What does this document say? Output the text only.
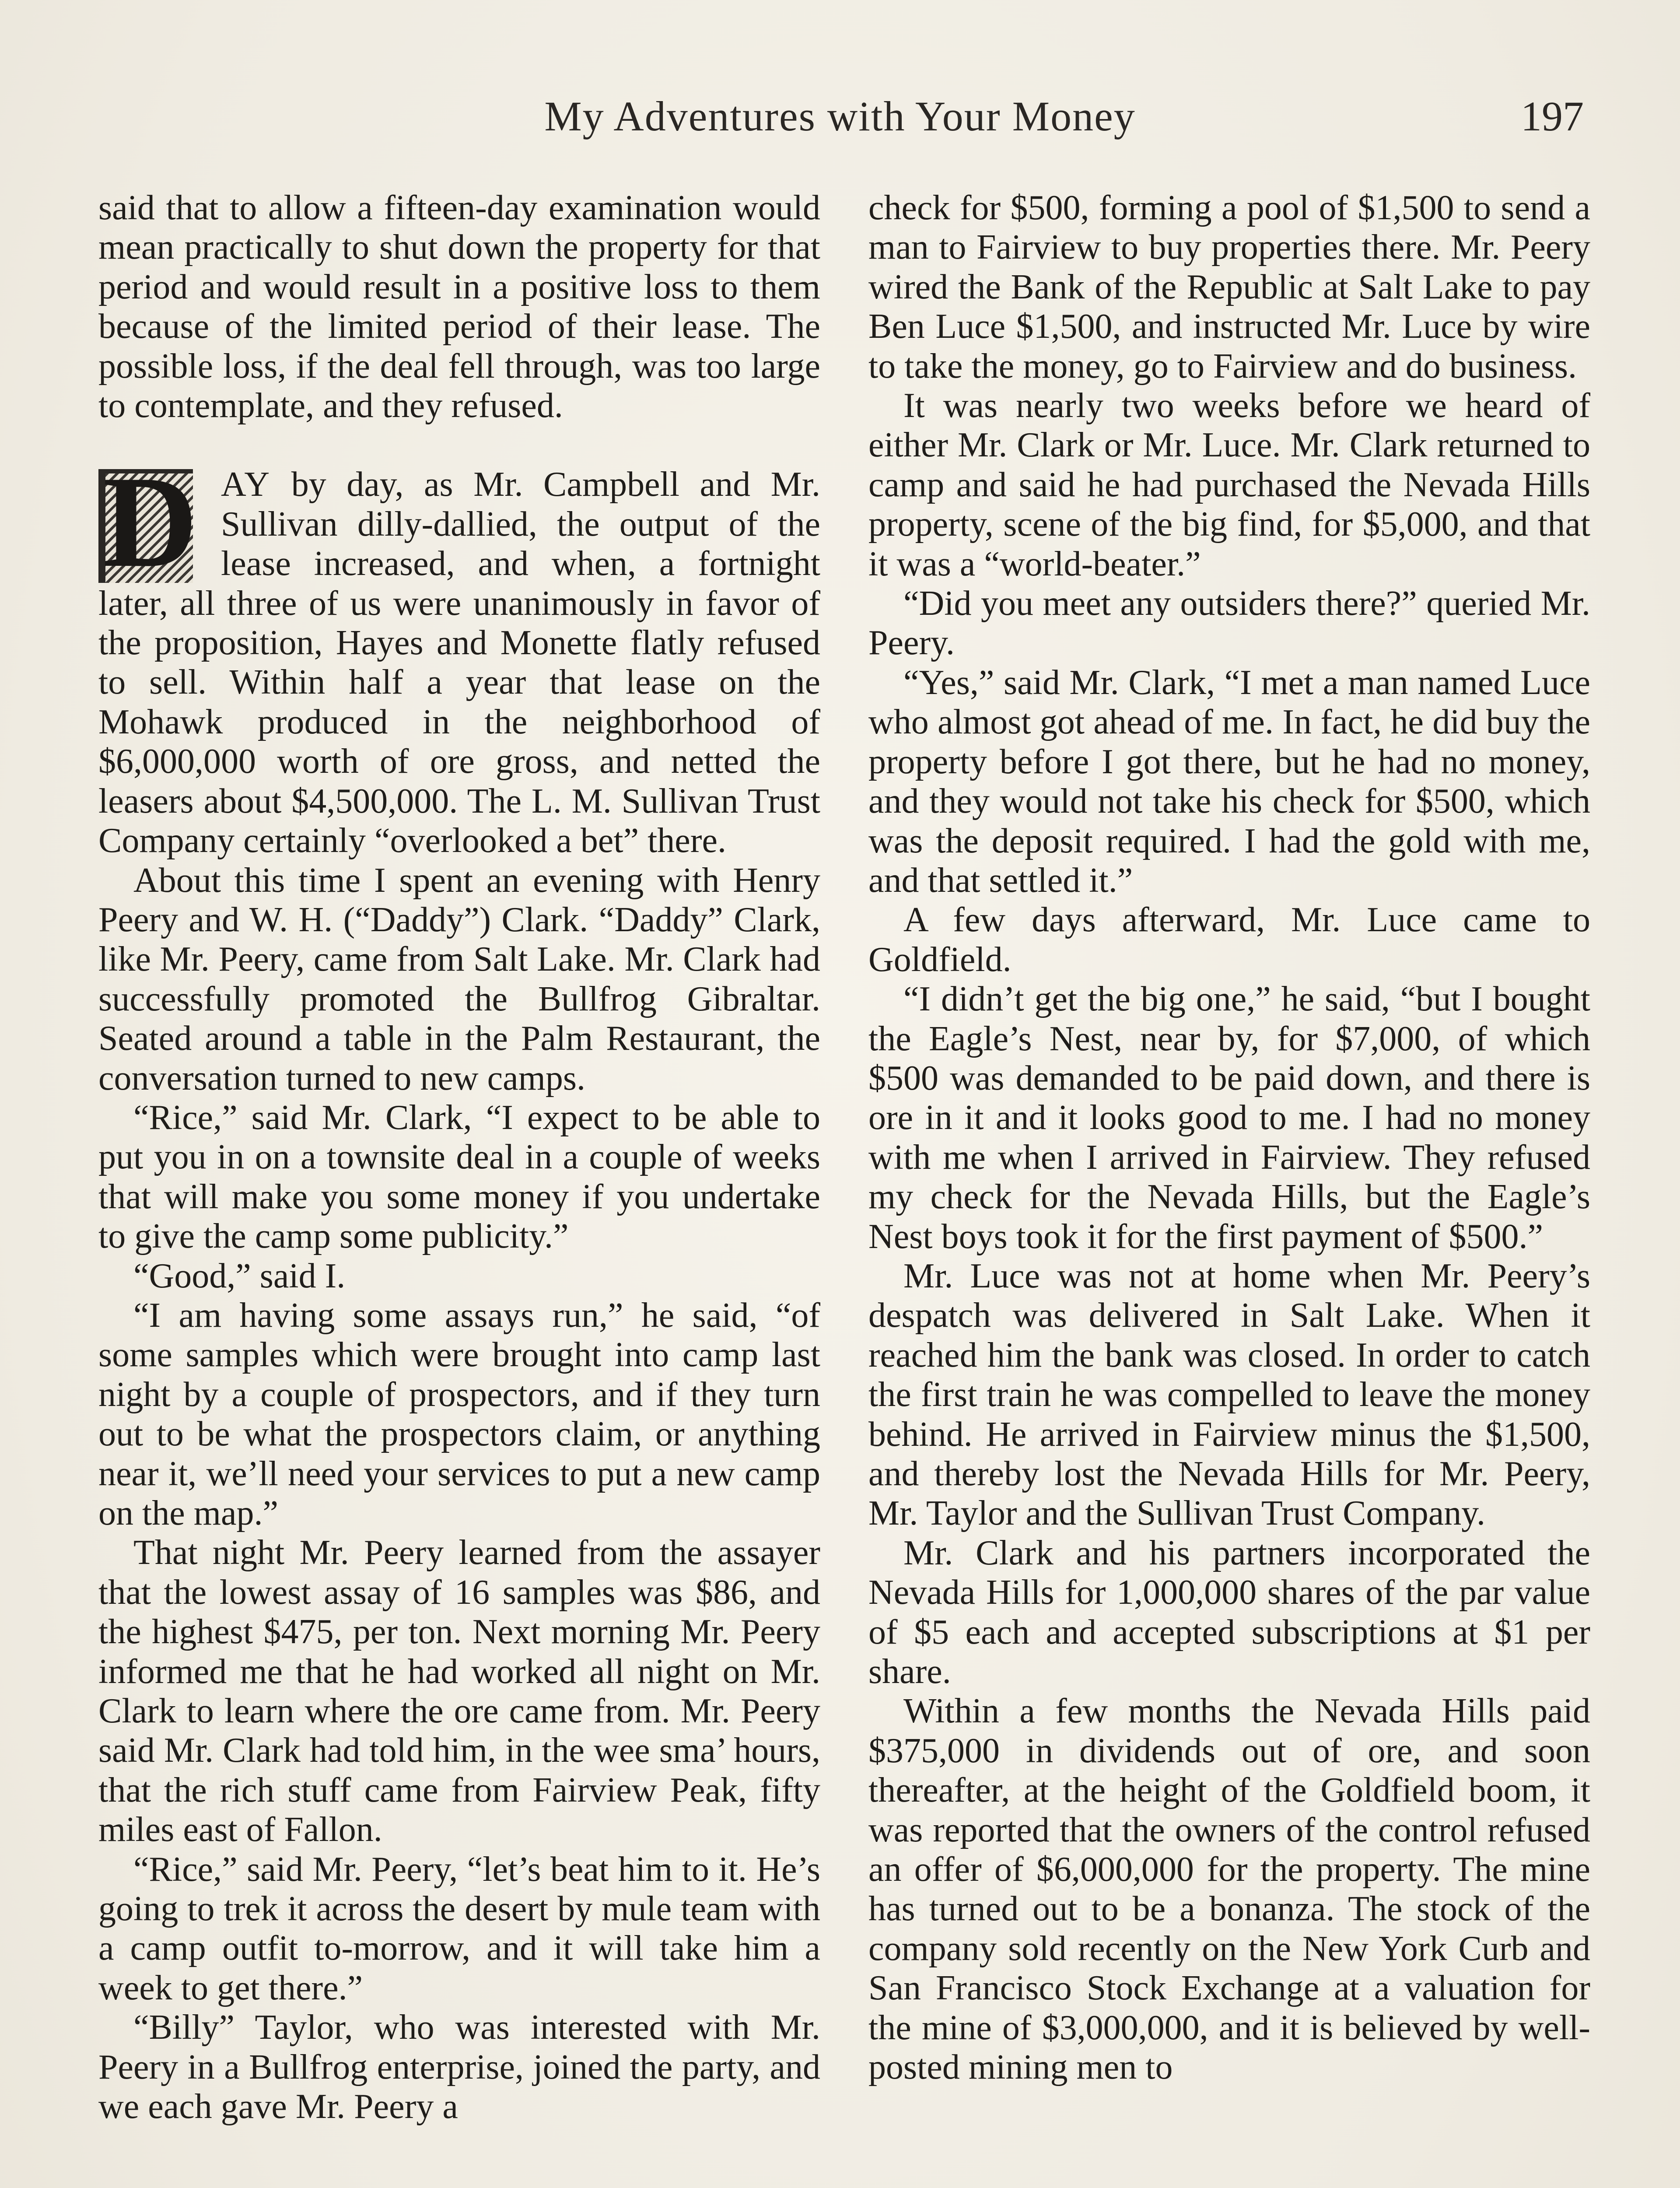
My Adventures with Your Money	197

said that to allow a fifteen-day examination would mean practically to shut down the property for that period and would result in a positive loss to them because of the limited period of their lease. The possible loss, if the deal fell through, was too large to contemplate, and they refused.

D AY by day, as Mr. Campbell and Mr. Sullivan dilly-dallied, the output of the lease increased, and when, a fortnight later, all three of us were unanimously in favor of the proposition, Hayes and Monette flatly refused to sell. Within half a year that lease on the Mohawk produced in the neighborhood of $6,000,000 worth of ore gross, and netted the leasers about $4,500,000. The L. M. Sullivan Trust Company certainly “overlooked a bet” there.

About this time I spent an evening with Henry Peery and W. H. (“Daddy”) Clark. “Daddy” Clark, like Mr. Peery, came from Salt Lake. Mr. Clark had successfully promoted the Bullfrog Gibraltar. Seated around a table in the Palm Restaurant, the conversation turned to new camps.

“Rice,” said Mr. Clark, “I expect to be able to put you in on a townsite deal in a couple of weeks that will make you some money if you undertake to give the camp some publicity.”

“Good,” said I.

“I am having some assays run,” he said, “of some samples which were brought into camp last night by a couple of prospectors, and if they turn out to be what the prospectors claim, or anything near it, we’ll need your services to put a new camp on the map.”

That night Mr. Peery learned from the assayer that the lowest assay of 16 samples was $86, and the highest $475, per ton. Next morning Mr. Peery informed me that he had worked all night on Mr. Clark to learn where the ore came from. Mr. Peery said Mr. Clark had told him, in the wee sma’ hours, that the rich stuff came from Fairview Peak, fifty miles east of Fallon.

“Rice,” said Mr. Peery, “let’s beat him to it. He’s going to trek it across the desert by mule team with a camp outfit to-morrow, and it will take him a week to get there.”

“Billy” Taylor, who was interested with Mr. Peery in a Bullfrog enterprise, joined the party, and we each gave Mr. Peery a

check for $500, forming a pool of $1,500 to send a man to Fairview to buy properties there. Mr. Peery wired the Bank of the Republic at Salt Lake to pay Ben Luce $1,500, and instructed Mr. Luce by wire to take the money, go to Fairview and do business.

It was nearly two weeks before we heard of either Mr. Clark or Mr. Luce. Mr. Clark returned to camp and said he had purchased the Nevada Hills property, scene of the big find, for $5,000, and that it was a “world-beater.”

“Did you meet any outsiders there?” queried Mr. Peery.

“Yes,” said Mr. Clark, “I met a man named Luce who almost got ahead of me. In fact, he did buy the property before I got there, but he had no money, and they would not take his check for $500, which was the deposit required. I had the gold with me, and that settled it.”

A few days afterward, Mr. Luce came to Goldfield.

“I didn’t get the big one,” he said, “but I bought the Eagle’s Nest, near by, for $7,000, of which $500 was demanded to be paid down, and there is ore in it and it looks good to me. I had no money with me when I arrived in Fairview. They refused my check for the Nevada Hills, but the Eagle’s Nest boys took it for the first payment of $500.”

Mr. Luce was not at home when Mr. Peery’s despatch was delivered in Salt Lake. When it reached him the bank was closed. In order to catch the first train he was compelled to leave the money behind. He arrived in Fairview minus the $1,500, and thereby lost the Nevada Hills for Mr. Peery, Mr. Taylor and the Sullivan Trust Company.

Mr. Clark and his partners incorporated the Nevada Hills for 1,000,000 shares of the par value of $5 each and accepted subscriptions at $1 per share.

Within a few months the Nevada Hills paid $375,000 in dividends out of ore, and soon thereafter, at the height of the Goldfield boom, it was reported that the owners of the control refused an offer of $6,000,000 for the property. The mine has turned out to be a bonanza. The stock of the company sold recently on the New York Curb and San Francisco Stock Exchange at a valuation for the mine of $3,000,000, and it is believed by well-posted mining men to
